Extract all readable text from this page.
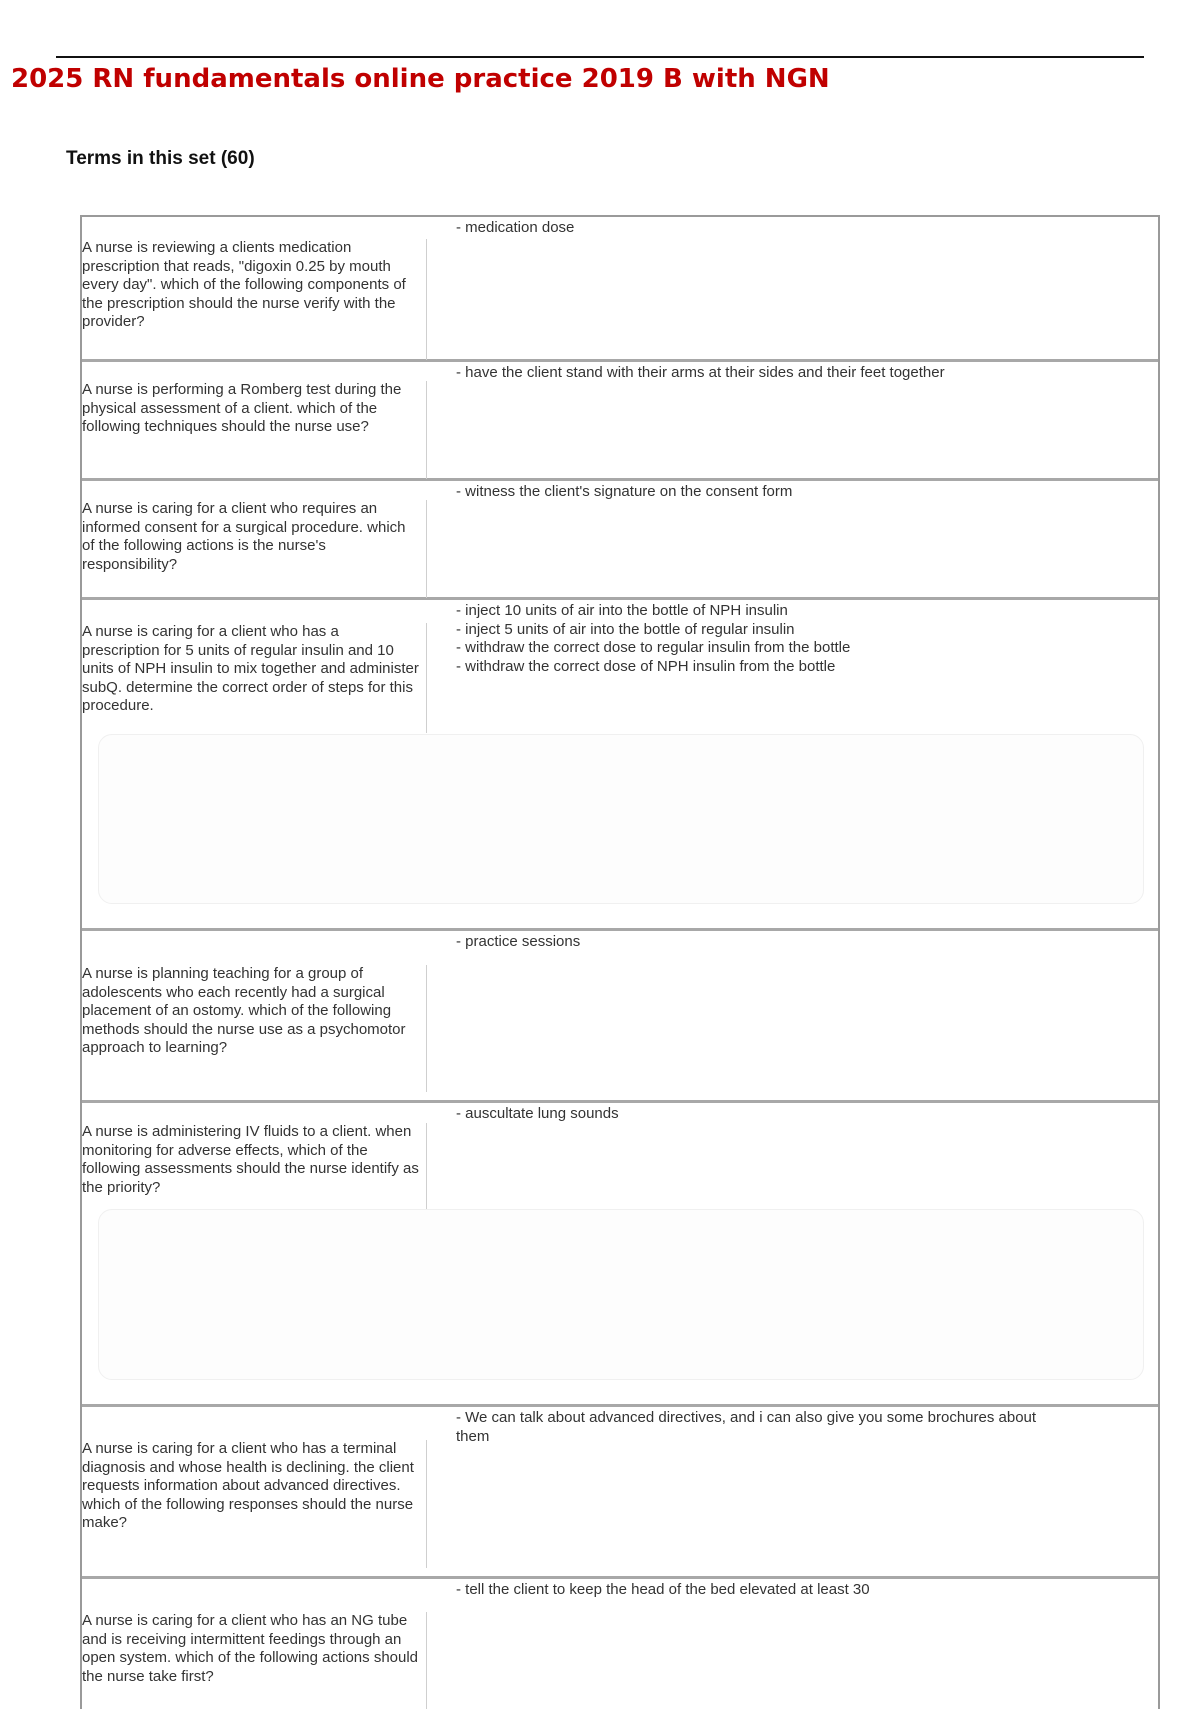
2025 RN fundamentals online practice 2019 B with NGN
Terms in this set (60)
A nurse is reviewing a clients medication prescription that reads, "digoxin 0.25 by mouth every day". which of the following components of the prescription should the nurse verify with the provider?
- medication dose
A nurse is performing a Romberg test during the physical assessment of a client. which of the following techniques should the nurse use?
- have the client stand with their arms at their sides and their feet together
A nurse is caring for a client who requires an informed consent for a surgical procedure. which of the following actions is the nurse's responsibility?
- witness the client's signature on the consent form
A nurse is caring for a client who has a prescription for 5 units of regular insulin and 10 units of NPH insulin to mix together and administer subQ. determine the correct order of steps for this procedure.
- inject 10 units of air into the bottle of NPH insulin
- inject 5 units of air into the bottle of regular insulin
- withdraw the correct dose to regular insulin from the bottle
- withdraw the correct dose of NPH insulin from the bottle
A nurse is planning teaching for a group of adolescents who each recently had a surgical placement of an ostomy. which of the following methods should the nurse use as a psychomotor approach to learning?
- practice sessions
A nurse is administering IV fluids to a client. when monitoring for adverse effects, which of the following assessments should the nurse identify as the priority?
- auscultate lung sounds
A nurse is caring for a client who has a terminal diagnosis and whose health is declining. the client requests information about advanced directives. which of the following responses should the nurse make?
- We can talk about advanced directives, and i can also give you some brochures about them
A nurse is caring for a client who has an NG tube and is receiving intermittent feedings through an open system. which of the following actions should the nurse take first?
- tell the client to keep the head of the bed elevated at least 30
